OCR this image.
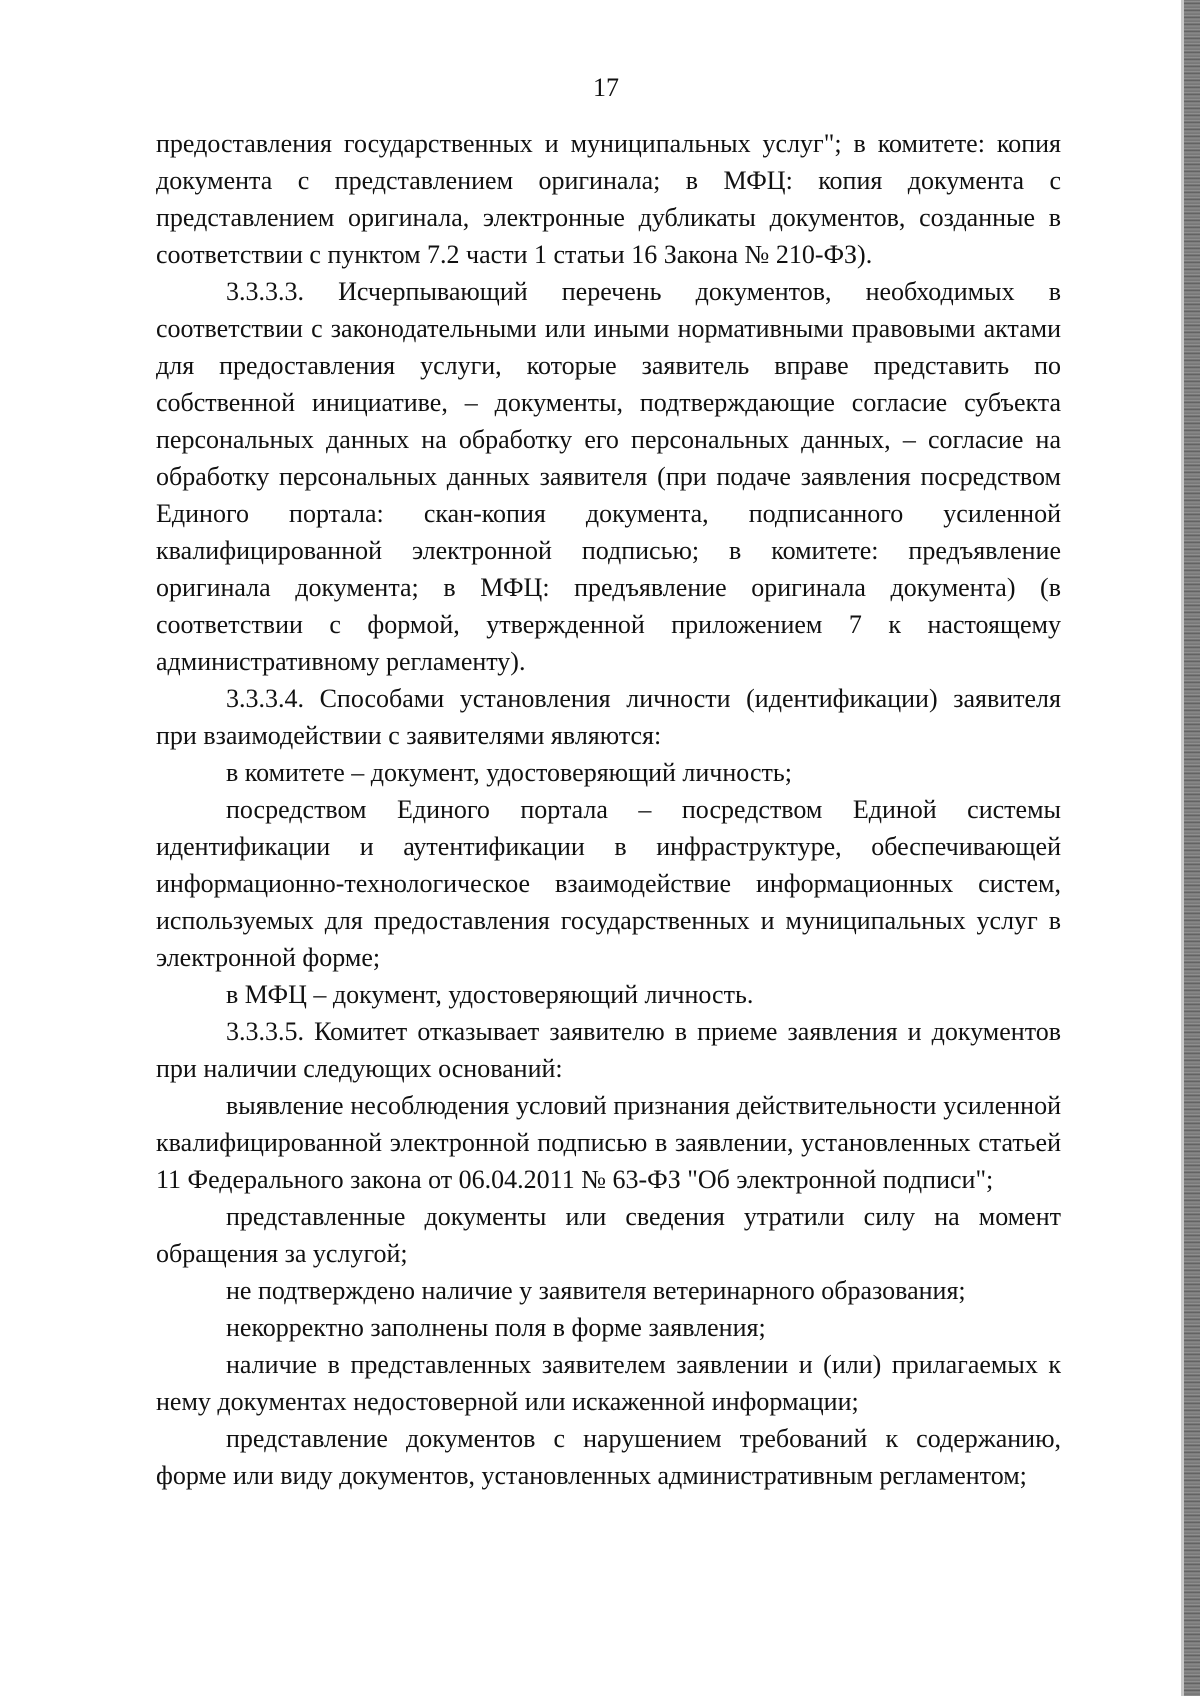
17

предоставления государственных и муниципальных услуг"; в комитете: копия документа с представлением оригинала; в МФЦ: копия документа с представлением оригинала, электронные дубликаты документов, созданные в соответствии с пунктом 7.2 части 1 статьи 16 Закона № 210-ФЗ).

3.3.3.3. Исчерпывающий перечень документов, необходимых в соответствии с законодательными или иными нормативными правовыми актами для предоставления услуги, которые заявитель вправе представить по собственной инициативе, – документы, подтверждающие согласие субъекта персональных данных на обработку его персональных данных, – согласие на обработку персональных данных заявителя (при подаче заявления посредством Единого портала: скан-копия документа, подписанного усиленной квалифицированной электронной подписью; в комитете: предъявление оригинала документа; в МФЦ: предъявление оригинала документа) (в соответствии с формой, утвержденной приложением 7 к настоящему административному регламенту).

3.3.3.4. Способами установления личности (идентификации) заявителя при взаимодействии с заявителями являются:

в комитете – документ, удостоверяющий личность;

посредством Единого портала – посредством Единой системы идентификации и аутентификации в инфраструктуре, обеспечивающей информационно-технологическое взаимодействие информационных систем, используемых для предоставления государственных и муниципальных услуг в электронной форме;

в МФЦ – документ, удостоверяющий личность.

3.3.3.5. Комитет отказывает заявителю в приеме заявления и документов при наличии следующих оснований:

выявление несоблюдения условий признания действительности усиленной квалифицированной электронной подписью в заявлении, установленных статьей 11 Федерального закона от 06.04.2011 № 63-ФЗ "Об электронной подписи";

представленные документы или сведения утратили силу на момент обращения за услугой;

не подтверждено наличие у заявителя ветеринарного образования;

некорректно заполнены поля в форме заявления;

наличие в представленных заявителем заявлении и (или) прилагаемых к нему документах недостоверной или искаженной информации;

представление документов с нарушением требований к содержанию, форме или виду документов, установленных административным регламентом;
